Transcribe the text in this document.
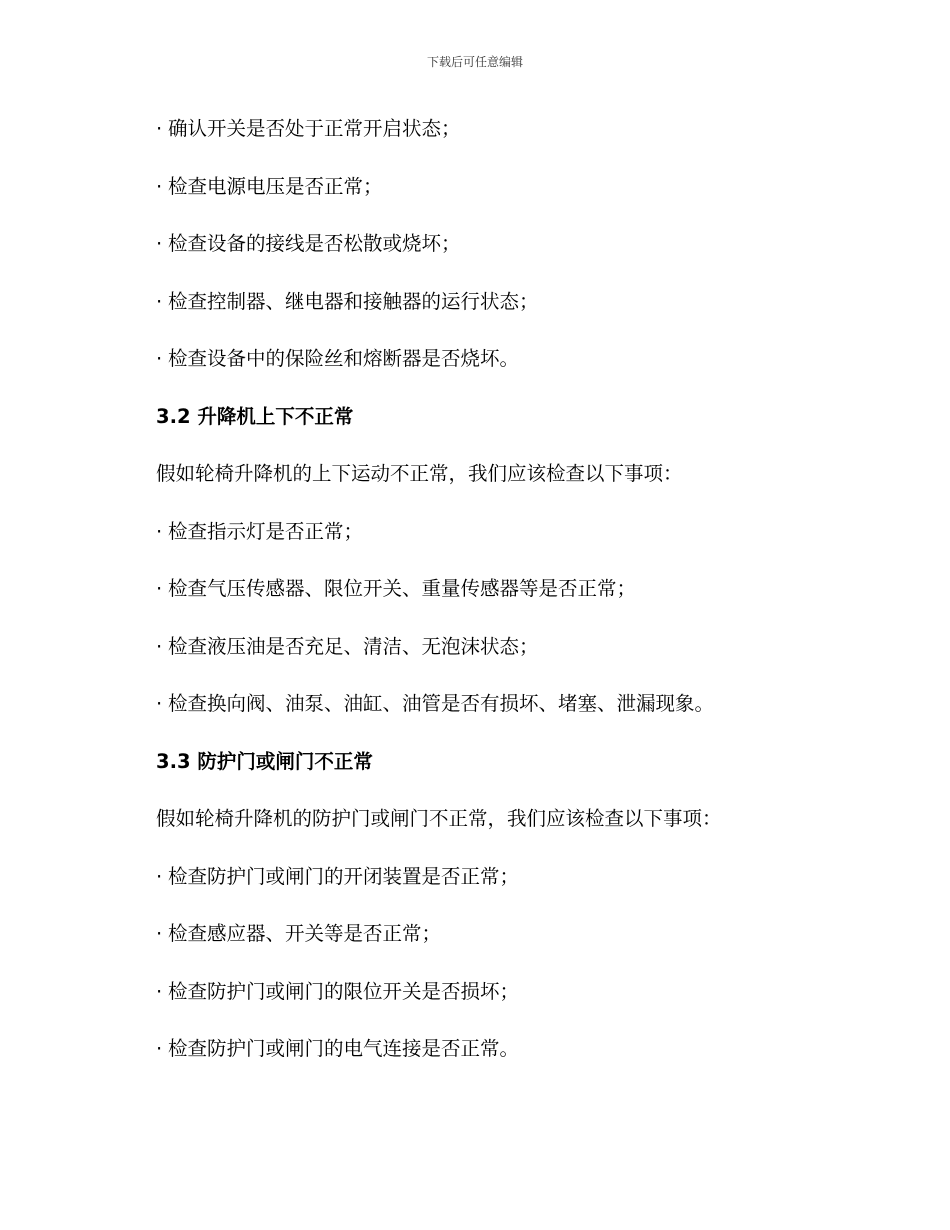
下载后可任意编辑
· 确认开关是否处于正常开启状态；
· 检查电源电压是否正常；
· 检查设备的接线是否松散或烧坏；
· 检查控制器、继电器和接触器的运行状态；
· 检查设备中的保险丝和熔断器是否烧坏。
3.2 升降机上下不正常
假如轮椅升降机的上下运动不正常，我们应该检查以下事项：
· 检查指示灯是否正常；
· 检查气压传感器、限位开关、重量传感器等是否正常；
· 检查液压油是否充足、清洁、无泡沫状态；
· 检查换向阀、油泵、油缸、油管是否有损坏、堵塞、泄漏现象。
3.3 防护门或闸门不正常
假如轮椅升降机的防护门或闸门不正常，我们应该检查以下事项：
· 检查防护门或闸门的开闭装置是否正常；
· 检查感应器、开关等是否正常；
· 检查防护门或闸门的限位开关是否损坏；
· 检查防护门或闸门的电气连接是否正常。
